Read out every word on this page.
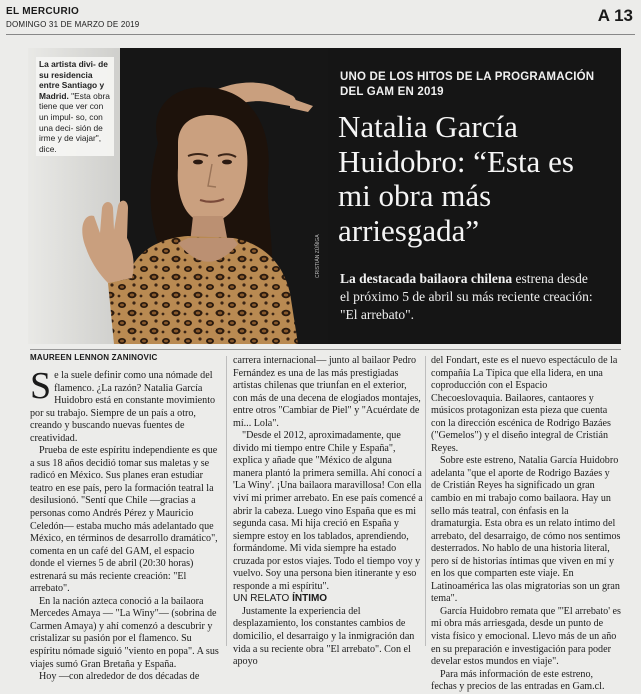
EL MERCURIO
DOMINGO 31 DE MARZO DE 2019	A 13
CRISTIÁN ZÚÑIGA
La artista divi- de su residencia entre Santiago y Madrid. "Esta obra tiene que ver con un impul- so, con una deci- sión de irme y de viajar", dice.
UNO DE LOS HITOS DE LA PROGRAMACIÓN DEL GAM EN 2019
Natalia García Huidobro: “Esta es mi obra más arriesgada”
La destacada bailaora chilena estrena desde el próximo 5 de abril su más reciente creación: "El arrebato".
MAUREEN LENNON ZANINOVIC

Se la suele definir como una nómade del flamenco. ¿La razón? Natalia García Huidobro está en constante movimiento por su trabajo. Siempre de un país a otro, creando y buscando nuevas fuentes de creatividad.

Prueba de este espíritu independiente es que a sus 18 años decidió tomar sus maletas y se radicó en México. Sus planes eran estudiar teatro en ese país, pero la formación teatral la desilusionó. "Sentí que Chile —gracias a personas como Andrés Pérez y Mauricio Celedón— estaba mucho más adelantado que México, en términos de desarrollo dramático", comenta en un café del GAM, el espacio donde el viernes 5 de abril (20:30 horas) estrenará su más reciente creación: "El arrebato".

En la nación azteca conoció a la bailaora Mercedes Amaya — "La Winy"— (sobrina de Carmen Amaya) y ahí comenzó a descubrir y cristalizar su pasión por el flamenco. Su espíritu nómade siguió "viento en popa". A sus viajes sumó Gran Bretaña y España.

Hoy —con alrededor de dos décadas de

carrera internacional— junto al bailaor Pedro Fernández es una de las más prestigiadas artistas chilenas que triunfan en el exterior, con más de una decena de elogiados montajes, entre otros "Cambiar de Piel" y "Acuérdate de mí... Lola".

"Desde el 2012, aproximadamente, que divido mi tiempo entre Chile y España", explica y añade que "México de alguna manera plantó la primera semilla. Ahí conocí a 'La Winy'. ¡Una bailaora maravillosa! Con ella viví mi primer arrebato. En ese país comencé a abrir la cabeza. Luego vino España que es mi segunda casa. Mi hija creció en España y siempre estoy en los tablados, aprendiendo, formándome. Mi vida siempre ha estado cruzada por estos viajes. Todo el tiempo voy y vuelvo. Soy una persona bien itinerante y eso responde a mi espíritu".

UN RELATO ÍNTIMO

Justamente la experiencia del desplazamiento, los constantes cambios de domicilio, el desarraigo y la inmigración dan vida a su reciente obra "El arrebato". Con el apoyo

del Fondart, este es el nuevo espectáculo de la compañía La Típica que ella lidera, en una coproducción con el Espacio Checoeslovaquia. Bailaores, cantaores y músicos protagonizan esta pieza que cuenta con la dirección escénica de Rodrigo Bazáes ("Gemelos") y el diseño integral de Cristián Reyes.

Sobre este estreno, Natalia García Huidobro adelanta "que el aporte de Rodrigo Bazáes y de Cristián Reyes ha significado un gran cambio en mi trabajo como bailaora. Hay un sello más teatral, con énfasis en la dramaturgia. Esta obra es un relato íntimo del arrebato, del desarraigo, de cómo nos sentimos desterrados. No hablo de una historia literal, pero sí de historias íntimas que viven en mí y en los que comparten este viaje. En Latinoamérica las olas migratorias son un gran tema".

García Huidobro remata que "'El arrebato' es mi obra más arriesgada, desde un punto de vista físico y emocional. Llevo más de un año en su preparación e investigación para poder develar estos mundos en viaje".

Para más información de este estreno, fechas y precios de las entradas en Gam.cl.
